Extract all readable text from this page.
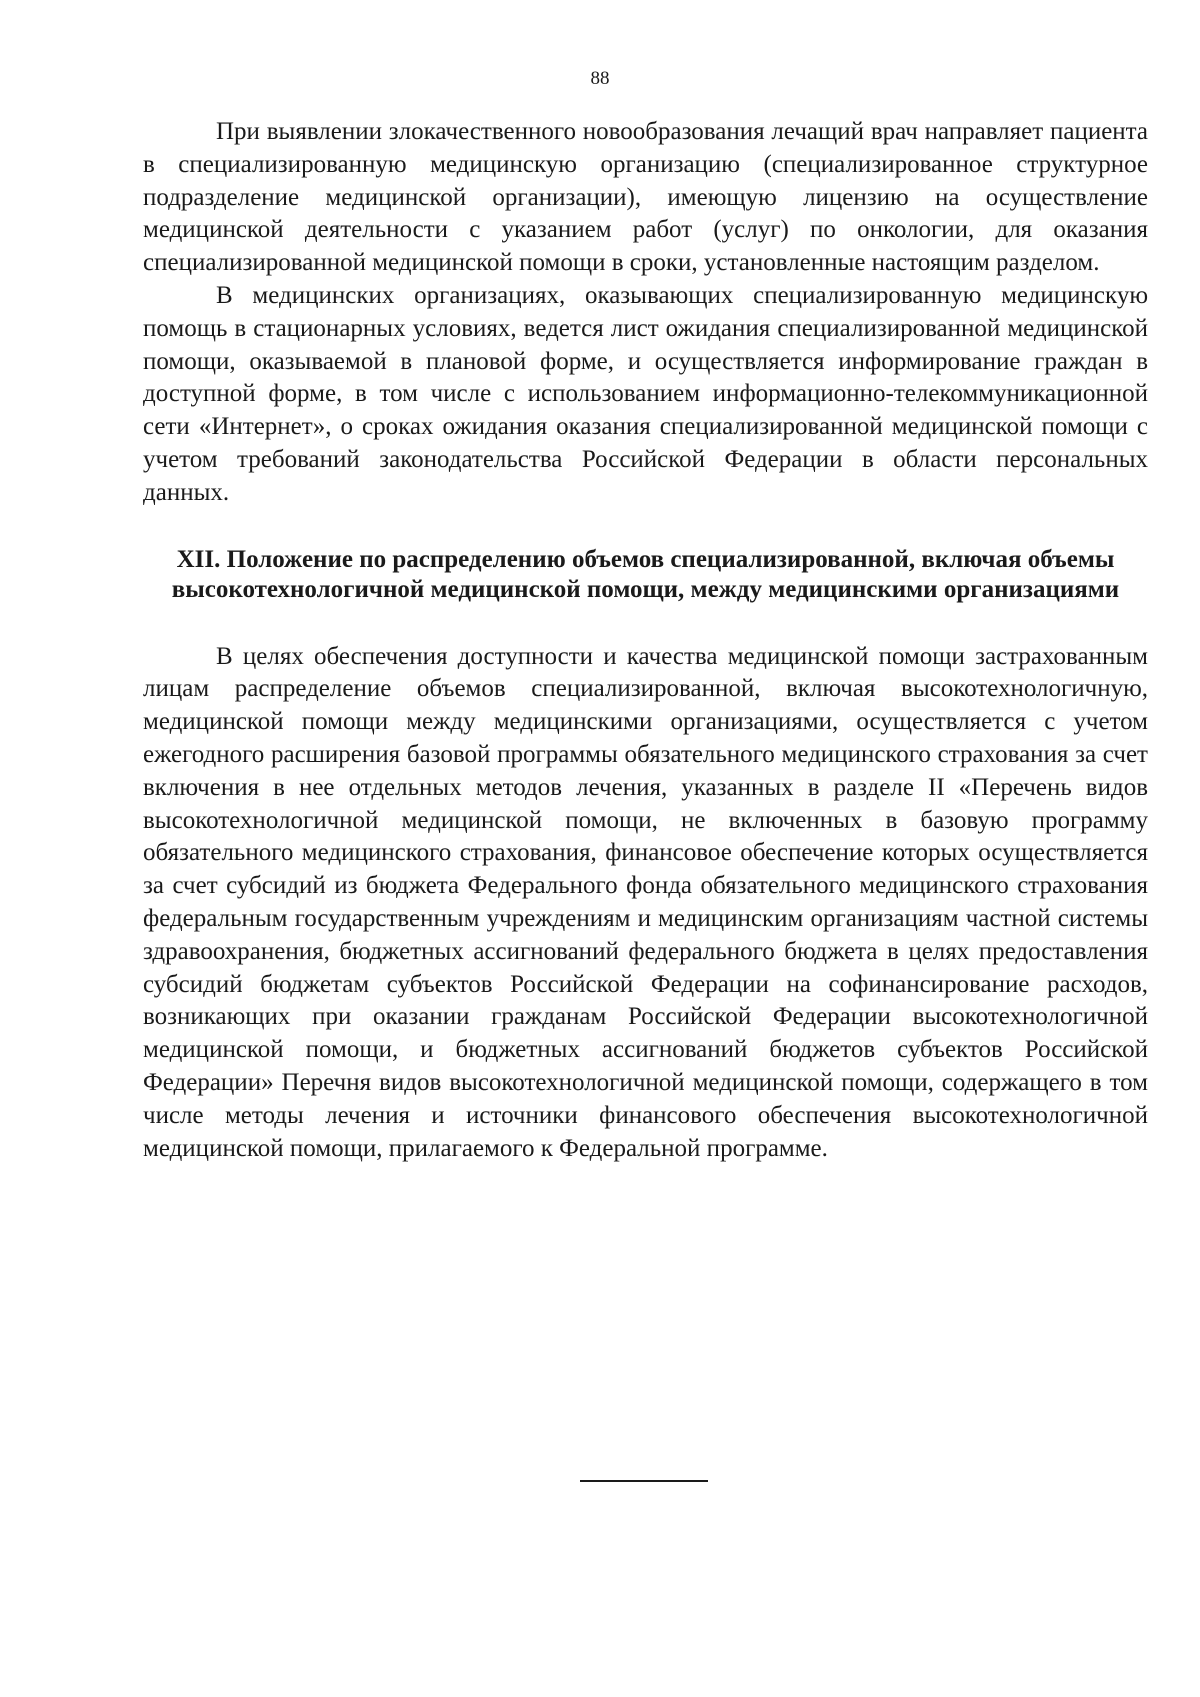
88

При выявлении злокачественного новообразования лечащий врач направляет пациента в специализированную медицинскую организацию (специализированное структурное подразделение медицинской организации), имеющую лицензию на осуществление медицинской деятельности с указанием работ (услуг) по онкологии, для оказания специализированной медицинской помощи в сроки, установленные настоящим разделом.

В медицинских организациях, оказывающих специализированную медицинскую помощь в стационарных условиях, ведется лист ожидания специализированной медицинской помощи, оказываемой в плановой форме, и осуществляется информирование граждан в доступной форме, в том числе с использованием информационно-телекоммуникационной сети «Интернет», о сроках ожидания оказания специализированной медицинской помощи с учетом требований законодательства Российской Федерации в области персональных данных.

XII. Положение по распределению объемов специализированной, включая объемы высокотехнологичной медицинской помощи, между медицинскими организациями

В целях обеспечения доступности и качества медицинской помощи застрахованным лицам распределение объемов специализированной, включая высокотехнологичную, медицинской помощи между медицинскими организациями, осуществляется с учетом ежегодного расширения базовой программы обязательного медицинского страхования за счет включения в нее отдельных методов лечения, указанных в разделе II «Перечень видов высокотехнологичной медицинской помощи, не включенных в базовую программу обязательного медицинского страхования, финансовое обеспечение которых осуществляется за счет субсидий из бюджета Федерального фонда обязательного медицинского страхования федеральным государственным учреждениям и медицинским организациям частной системы здравоохранения, бюджетных ассигнований федерального бюджета в целях предоставления субсидий бюджетам субъектов Российской Федерации на софинансирование расходов, возникающих при оказании гражданам Российской Федерации высокотехнологичной медицинской помощи, и бюджетных ассигнований бюджетов субъектов Российской Федерации» Перечня видов высокотехнологичной медицинской помощи, содержащего в том числе методы лечения и источники финансового обеспечения высокотехнологичной медицинской помощи, прилагаемого к Федеральной программе.
